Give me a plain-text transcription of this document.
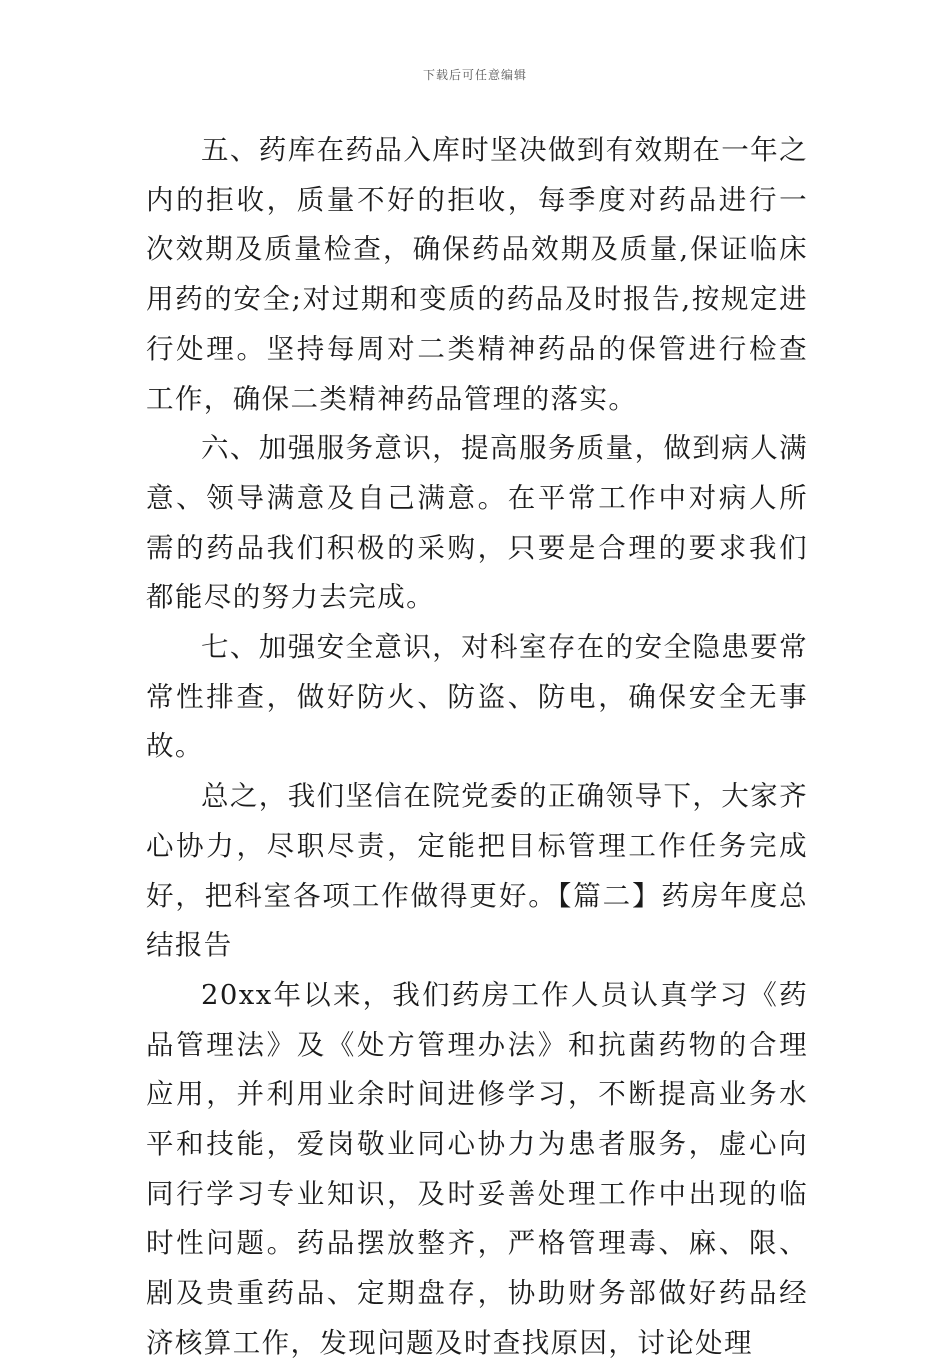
下载后可任意编辑

五、药库在药品入库时坚决做到有效期在一年之内的拒收，质量不好的拒收，每季度对药品进行一次效期及质量检查，确保药品效期及质量,保证临床用药的安全;对过期和变质的药品及时报告,按规定进行处理。坚持每周对二类精神药品的保管进行检查工作，确保二类精神药品管理的落实。

六、加强服务意识，提高服务质量，做到病人满意、领导满意及自己满意。在平常工作中对病人所需的药品我们积极的采购，只要是合理的要求我们都能尽的努力去完成。

七、加强安全意识，对科室存在的安全隐患要常常性排查，做好防火、防盗、防电，确保安全无事故。

总之，我们坚信在院党委的正确领导下，大家齐心协力，尽职尽责，定能把目标管理工作任务完成好，把科室各项工作做得更好。【篇二】药房年度总结报告

20xx年以来，我们药房工作人员认真学习《药品管理法》及《处方管理办法》和抗菌药物的合理应用，并利用业余时间进修学习，不断提高业务水平和技能，爱岗敬业同心协力为患者服务，虚心向同行学习专业知识，及时妥善处理工作中出现的临时性问题。药品摆放整齐，严格管理毒、麻、限、剧及贵重药品、定期盘存，协助财务部做好药品经济核算工作，发现问题及时查找原因，讨论处理
